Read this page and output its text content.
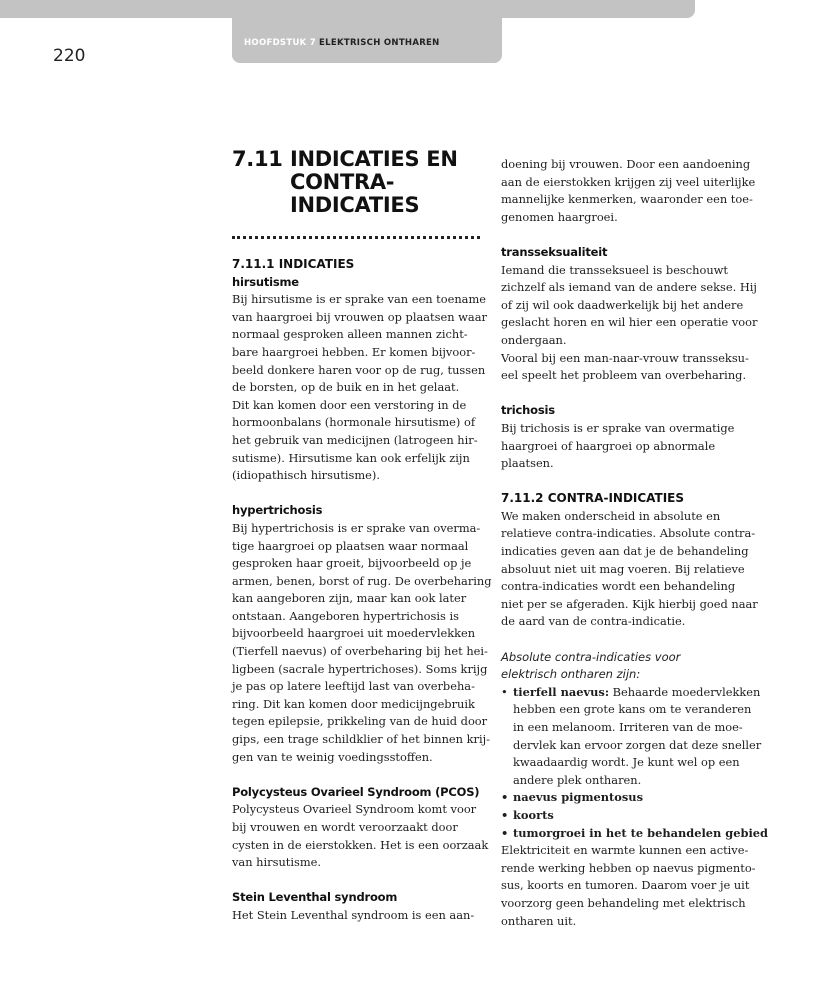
HOOFDSTUK 7 ELEKTRISCH ONTHAREN
220
7.11 INDICATIES EN
CONTRA-
INDICATIES
7.11.1 INDICATIES
hirsutisme

Bij hirsutisme is er sprake van een toename

van haargroei bij vrouwen op plaatsen waar

normaal gesproken alleen mannen zicht-

bare haargroei hebben. Er komen bijvoor-

beeld donkere haren voor op de rug, tussen

de borsten, op de buik en in het gelaat.

Dit kan komen door een verstoring in de

hormoonbalans (hormonale hirsutisme) of

het gebruik van medicijnen (latrogeen hir-

sutisme). Hirsutisme kan ook erfelijk zijn

(idiopathisch hirsutisme).

hypertrichosis

Bij hypertrichosis is er sprake van overma-

tige haargroei op plaatsen waar normaal

gesproken haar groeit, bijvoorbeeld op je

armen, benen, borst of rug. De overbeharing

kan aangeboren zijn, maar kan ook later

ontstaan. Aangeboren hypertrichosis is

bijvoorbeeld haargroei uit moedervlekken

(Tierfell naevus) of overbeharing bij het hei-

ligbeen (sacrale hypertrichoses). Soms krijg

je pas op latere leeftijd last van overbeha-

ring. Dit kan komen door medicijngebruik

tegen epilepsie, prikkeling van de huid door

gips, een trage schildklier of het binnen krij-

gen van te weinig voedingsstoffen.

Polycysteus Ovarieel Syndroom (PCOS)

Polycysteus Ovarieel Syndroom komt voor

bij vrouwen en wordt veroorzaakt door

cysten in de eierstokken. Het is een oorzaak

van hirsutisme.

Stein Leventhal syndroom

Het Stein Leventhal syndroom is een aan-

doening bij vrouwen. Door een aandoening

aan de eierstokken krijgen zij veel uiterlijke

mannelijke kenmerken, waaronder een toe-

genomen haargroei.

transseksualiteit

Iemand die transseksueel is beschouwt

zichzelf als iemand van de andere sekse. Hij

of zij wil ook daadwerkelijk bij het andere

geslacht horen en wil hier een operatie voor

ondergaan.

Vooral bij een man-naar-vrouw transseksu-

eel speelt het probleem van overbeharing.

trichosis

Bij trichosis is er sprake van overmatige

haargroei of haargroei op abnormale

plaatsen.

7.11.2 CONTRA-INDICATIES

We maken onderscheid in absolute en

relatieve contra-indicaties. Absolute contra-

indicaties geven aan dat je de behandeling

absoluut niet uit mag voeren. Bij relatieve

contra-indicaties wordt een behandeling

niet per se afgeraden. Kijk hierbij goed naar

de aard van de contra-indicatie.

Absolute contra-indicaties voor
elektrisch ontharen zijn:

• tierfell naevus: Behaarde moedervlekken

hebben een grote kans om te veranderen

in een melanoom. Irriteren van de moe-

dervlek kan ervoor zorgen dat deze sneller

kwaadaardig wordt. Je kunt wel op een

andere plek ontharen.

• naevus pigmentosus

• koorts

• tumorgroei in het te behandelen gebied

Elektriciteit en warmte kunnen een active-

rende werking hebben op naevus pigmento-

sus, koorts en tumoren. Daarom voer je uit

voorzorg geen behandeling met elektrisch

ontharen uit.
